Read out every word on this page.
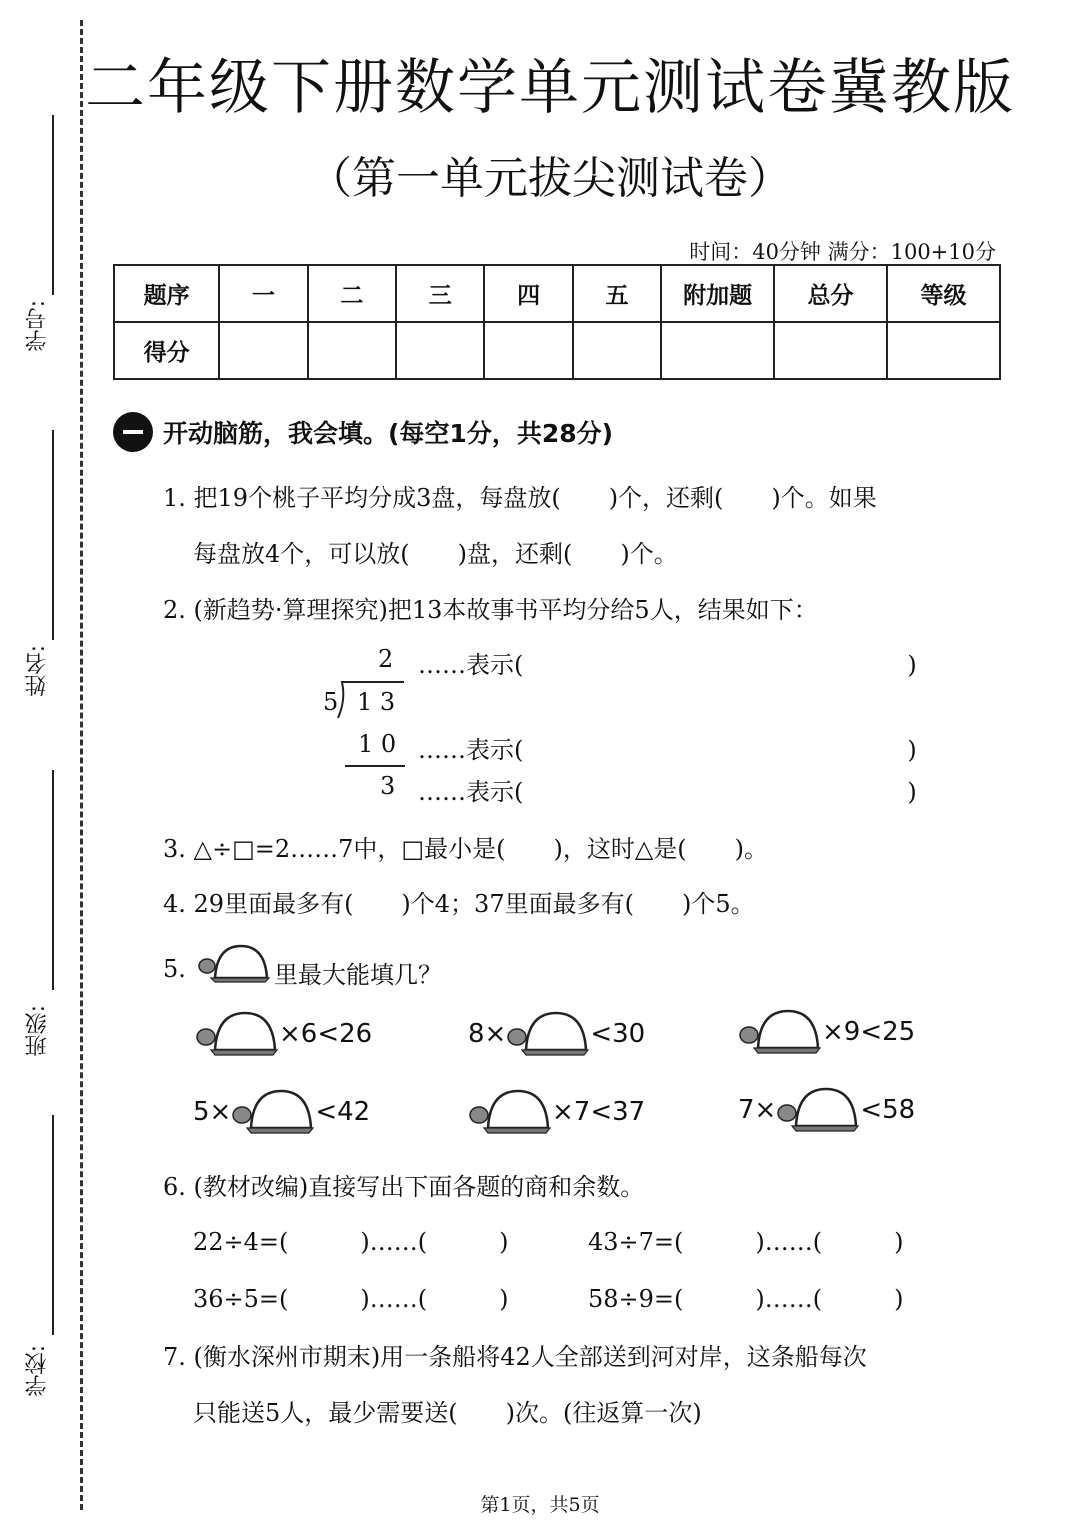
学号:
姓名:
班级:
学校:
二年级下册数学单元测试卷冀教版
（第一单元拔尖测试卷）
时间：40分钟 满分：100+10分
题序	一	二	三	四	五	附加题	总分	等级
得分								
开动脑筋，我会填。(每空1分，共28分)
1. 把19个桃子平均分成3盘，每盘放(　　)个，还剩(　　)个。如果
每盘放4个，可以放(　　)盘，还剩(　　)个。
2. (新趋势·算理探究)把13本故事书平均分给5人，结果如下：
2
5 1 3
1 0
3
……表示(　　　　　　　　　　　　　　　　)
……表示(　　　　　　　　　　　　　　　　)
……表示(　　　　　　　　　　　　　　　　)
3. △÷□=2……7中，□最小是(　　)，这时△是(　　)。
4. 29里面最多有(　　)个4；37里面最多有(　　)个5。
5.	里最大能填几？
×6<26	8×	<30	×9<25
5×	<42	×7<37	7×	<58
6. (教材改编)直接写出下面各题的商和余数。
22÷4=(　　　)……(　　　)	43÷7=(　　　)……(　　　)
36÷5=(　　　)……(　　　)	58÷9=(　　　)……(　　　)
7. (衡水深州市期末)用一条船将42人全部送到河对岸，这条船每次
只能送5人，最少需要送(　　)次。(往返算一次)
第1页，共5页
